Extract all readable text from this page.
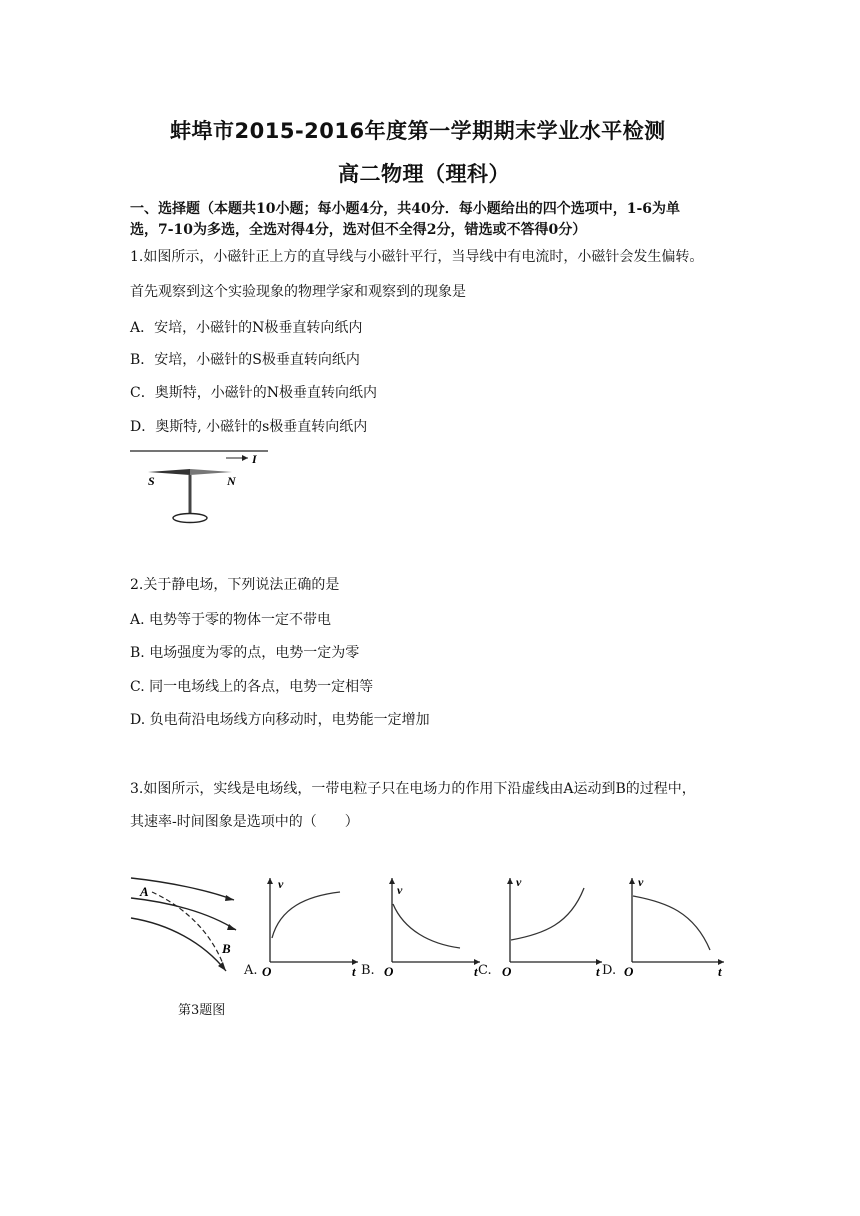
蚌埠市2015-2016年度第一学期期末学业水平检测
高二物理（理科）
一、选择题（本题共10小题；每小题4分，共40分．每小题给出的四个选项中，1-6为单
选，7-10为多选，全选对得4分，选对但不全得2分，错选或不答得0分）
1.如图所示，小磁针正上方的直导线与小磁针平行，当导线中有电流时，小磁针会发生偏转。
首先观察到这个实验现象的物理学家和观察到的现象是
A．安培，小磁针的N极垂直转向纸内
B．安培，小磁针的S极垂直转向纸内
C．奥斯特，小磁针的N极垂直转向纸内
D．奥斯特, 小磁针的s极垂直转向纸内
I
S	N
2.关于静电场，下列说法正确的是
A. 电势等于零的物体一定不带电
B. 电场强度为零的点，电势一定为零
C. 同一电场线上的各点，电势一定相等
D. 负电荷沿电场线方向移动时，电势能一定增加
3.如图所示，实线是电场线，一带电粒子只在电场力的作用下沿虚线由A运动到B的过程中，
其速率-时间图象是选项中的（　　）
A
B
A.	B.	C.	D.
v
t
O
v
t
O
v
t
O
v
t
O
第3题图
